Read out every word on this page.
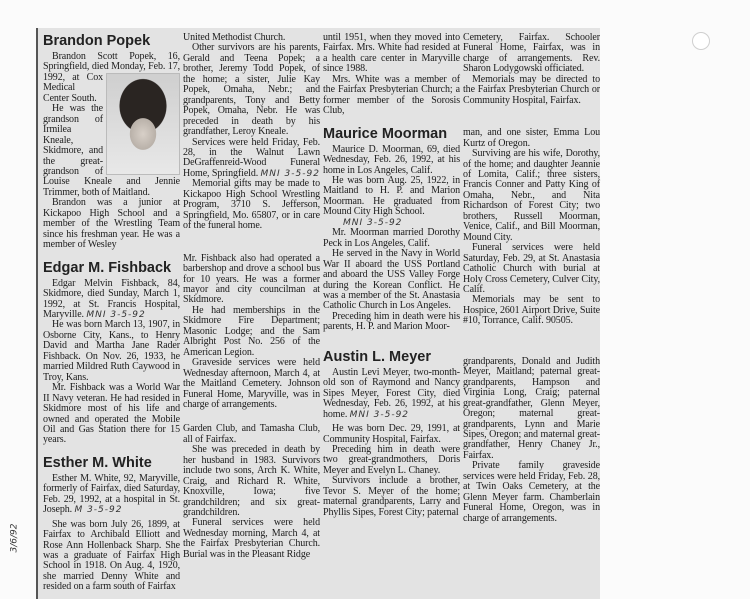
3/6/92
Brandon Popek

Brandon Scott Popek, 16, Springfield, died Monday, Feb. 17, 1992, at Cox Medical Center South.

He was the grandson of Irmilea Kneale, Skidmore, and the great-grandson of Louise Kneale and Jennie Trimmer, both of Maitland.

Brandon was a junior at Kickapoo High School and a member of the Wrestling Team since his freshman year. He was a member of Wesley

Edgar M. Fishback

Edgar Melvin Fishback, 84, Skidmore, died Sunday, March 1, 1992, at St. Francis Hospital, Maryville. MNI 3-5-92

He was born March 13, 1907, in Osborne City, Kans., to Henry David and Martha Jane Rader Fishback. On Nov. 26, 1933, he married Mildred Ruth Caywood in Troy, Kans.

Mr. Fishback was a World War II Navy veteran. He had resided in Skidmore most of his life and owned and operated the Mobile Oil and Gas Station there for 15 years.

Esther M. White

Esther M. White, 92, Maryville, formerly of Fairfax, died Saturday, Feb. 29, 1992, at a hospital in St. Joseph. M 3-5-92

She was born July 26, 1899, at Fairfax to Archibald Elliott and Rose Ann Hollenback Sharp. She was a graduate of Fairfax High School in 1918. On Aug. 4, 1920, she married Denny White and resided on a farm south of Fairfax

United Methodist Church.

Other survivors are his parents, Gerald and Teena Popek; a brother, Jeremy Todd Popek, of the home; a sister, Julie Kay Popek, Omaha, Nebr.; and grandparents, Tony and Betty Popek, Omaha, Nebr. He was preceded in death by his grandfather, Leroy Kneale.

Services were held Friday, Feb. 28, in the Walnut Lawn DeGraffenreid-Wood Funeral Home, Springfield. MNI 3-5-92

Memorial gifts may be made to Kickapoo High School Wrestling Program, 3710 S. Jefferson, Springfield, Mo. 65807, or in care of the funeral home.

Mr. Fishback also had operated a barbershop and drove a school bus for 10 years. He was a former mayor and city councilman at Skidmore.

He had memberships in the Skidmore Fire Department; Masonic Lodge; and the Sam Albright Post No. 256 of the American Legion.

Graveside services were held Wednesday afternoon, March 4, at the Maitland Cemetery. Johnson Funeral Home, Maryville, was in charge of arrangements.

Garden Club, and Tamasha Club, all of Fairfax.

She was preceded in death by her husband in 1983. Survivors include two sons, Arch K. White, Craig, and Richard R. White, Knoxville, Iowa; five grandchildren; and six great-grandchildren.

Funeral services were held Wednesday morning, March 4, at the Fairfax Presbyterian Church. Burial was in the Pleasant Ridge

until 1951, when they moved into Fairfax. Mrs. White had resided at a health care center in Maryville since 1988.

Mrs. White was a member of the Fairfax Presbyterian Church; a former member of the Sorosis Club,

Maurice Moorman

Maurice D. Moorman, 69, died Wednesday, Feb. 26, 1992, at his home in Los Angeles, Calif.

He was born Aug. 25, 1922, in Maitland to H. P. and Marion Moorman. He graduated from Mound City High School.

MNI 3-5-92

Mr. Moorman married Dorothy Peck in Los Angeles, Calif.

He served in the Navy in World War II aboard the USS Portland and aboard the USS Valley Forge during the Korean Conflict. He was a member of the St. Anastasia Catholic Church in Los Angeles.

Preceding him in death were his parents, H. P. and Marion Moor-

Austin L. Meyer

Austin Levi Meyer, two-month-old son of Raymond and Nancy Sipes Meyer, Forest City, died Wednesday, Feb. 26, 1992, at his home. MNI 3-5-92

He was born Dec. 29, 1991, at Community Hospital, Fairfax.

Preceding him in death were two great-grandmothers, Doris Meyer and Evelyn L. Chaney.

Survivors include a brother, Tevor S. Meyer of the home; maternal grandparents, Larry and Phyllis Sipes, Forest City; paternal

Cemetery, Fairfax. Schooler Funeral Home, Fairfax, was in charge of arrangements. Rev. Sharon Lodygowski officiated.

Memorials may be directed to the Fairfax Presbyterian Church or Community Hospital, Fairfax.

man, and one sister, Emma Lou Kurtz of Oregon.

Surviving are his wife, Dorothy, of the home; and daughter Jeannie of Lomita, Calif.; three sisters, Francis Conner and Patty King of Omaha, Nebr., and Nita Richardson of Forest City; two brothers, Russell Moorman, Venice, Calif., and Bill Moorman, Mound City.

Funeral services were held Saturday, Feb. 29, at St. Anastasia Catholic Church with burial at Holy Cross Cemetery, Culver City, Calif.

Memorials may be sent to Hospice, 2601 Airport Drive, Suite #10, Torrance, Calif. 90505.

grandparents, Donald and Judith Meyer, Maitland; paternal great-grandparents, Hampson and Virginia Long, Craig; paternal great-grandfather, Glenn Meyer, Oregon; maternal great-grandparents, Lynn and Marie Sipes, Oregon; and maternal great-grandfather, Henry Chaney Jr., Fairfax.

Private family graveside services were held Friday, Feb. 28, at Twin Oaks Cemetery, at the Glenn Meyer farm. Chamberlain Funeral Home, Oregon, was in charge of arrangements.
